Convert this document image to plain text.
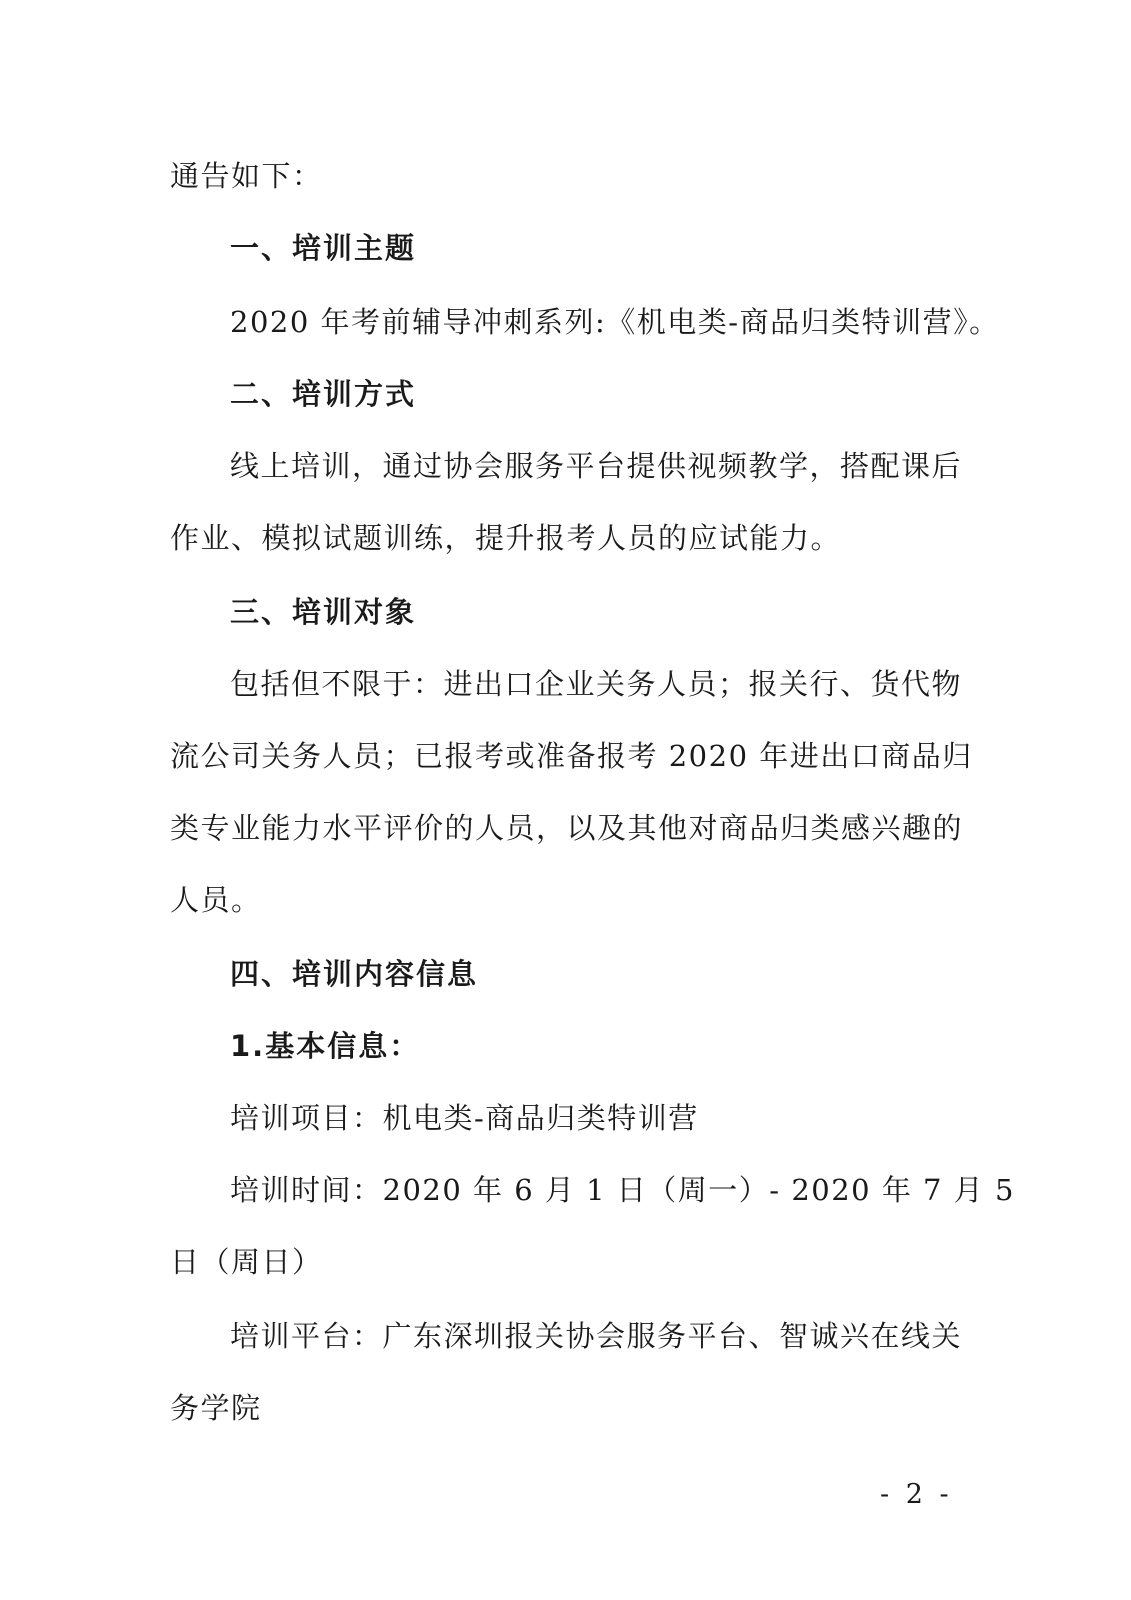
通告如下：
一、培训主题
2020 年考前辅导冲刺系列:《机电类-商品归类特训营》。
二、培训方式
线上培训，通过协会服务平台提供视频教学，搭配课后
作业、模拟试题训练，提升报考人员的应试能力。
三、培训对象
包括但不限于：进出口企业关务人员；报关行、货代物
流公司关务人员；已报考或准备报考 2020 年进出口商品归
类专业能力水平评价的人员，以及其他对商品归类感兴趣的
人员。
四、培训内容信息
1.基本信息：
培训项目：机电类-商品归类特训营
培训时间：2020 年 6 月 1 日（周一）- 2020 年 7 月 5
日（周日）
培训平台：广东深圳报关协会服务平台、智诚兴在线关
务学院
- 2 -
